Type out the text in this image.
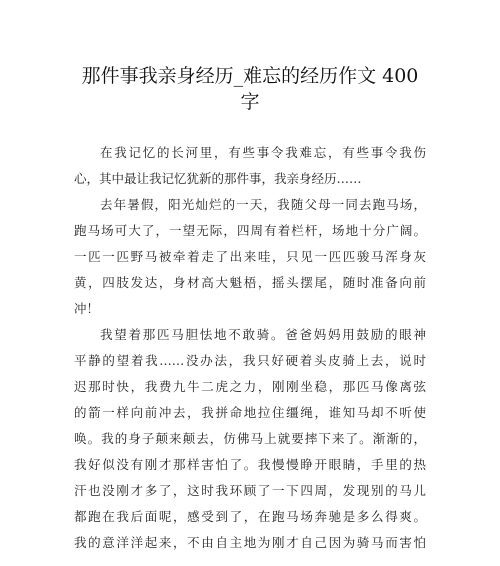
那件事我亲身经历_难忘的经历作文 400
字
在我记忆的长河里，有些事令我难忘，有些事令我伤
心，其中最让我记忆犹新的那件事，我亲身经历……
去年暑假，阳光灿烂的一天，我随父母一同去跑马场，
跑马场可大了，一望无际，四周有着栏杆，场地十分广阔。
一匹一匹野马被牵着走了出来哇，只见一匹匹骏马浑身灰
黄，四肢发达，身材高大魁梧，摇头摆尾，随时准备向前
冲！
我望着那匹马胆怯地不敢骑。爸爸妈妈用鼓励的眼神
平静的望着我……没办法，我只好硬着头皮骑上去，说时
迟那时快，我费九牛二虎之力，刚刚坐稳，那匹马像离弦
的箭一样向前冲去，我拼命地拉住缰绳，谁知马却不听使
唤。我的身子颠来颠去，仿佛马上就要摔下来了。渐渐的，
我好似没有刚才那样害怕了。我慢慢睁开眼睛，手里的热
汗也没刚才多了，这时我环顾了一下四周，发现别的马儿
都跑在我后面呢，感受到了，在跑马场奔驰是多么得爽。
我的意洋洋起来，不由自主地为刚才自己因为骑马而害怕
